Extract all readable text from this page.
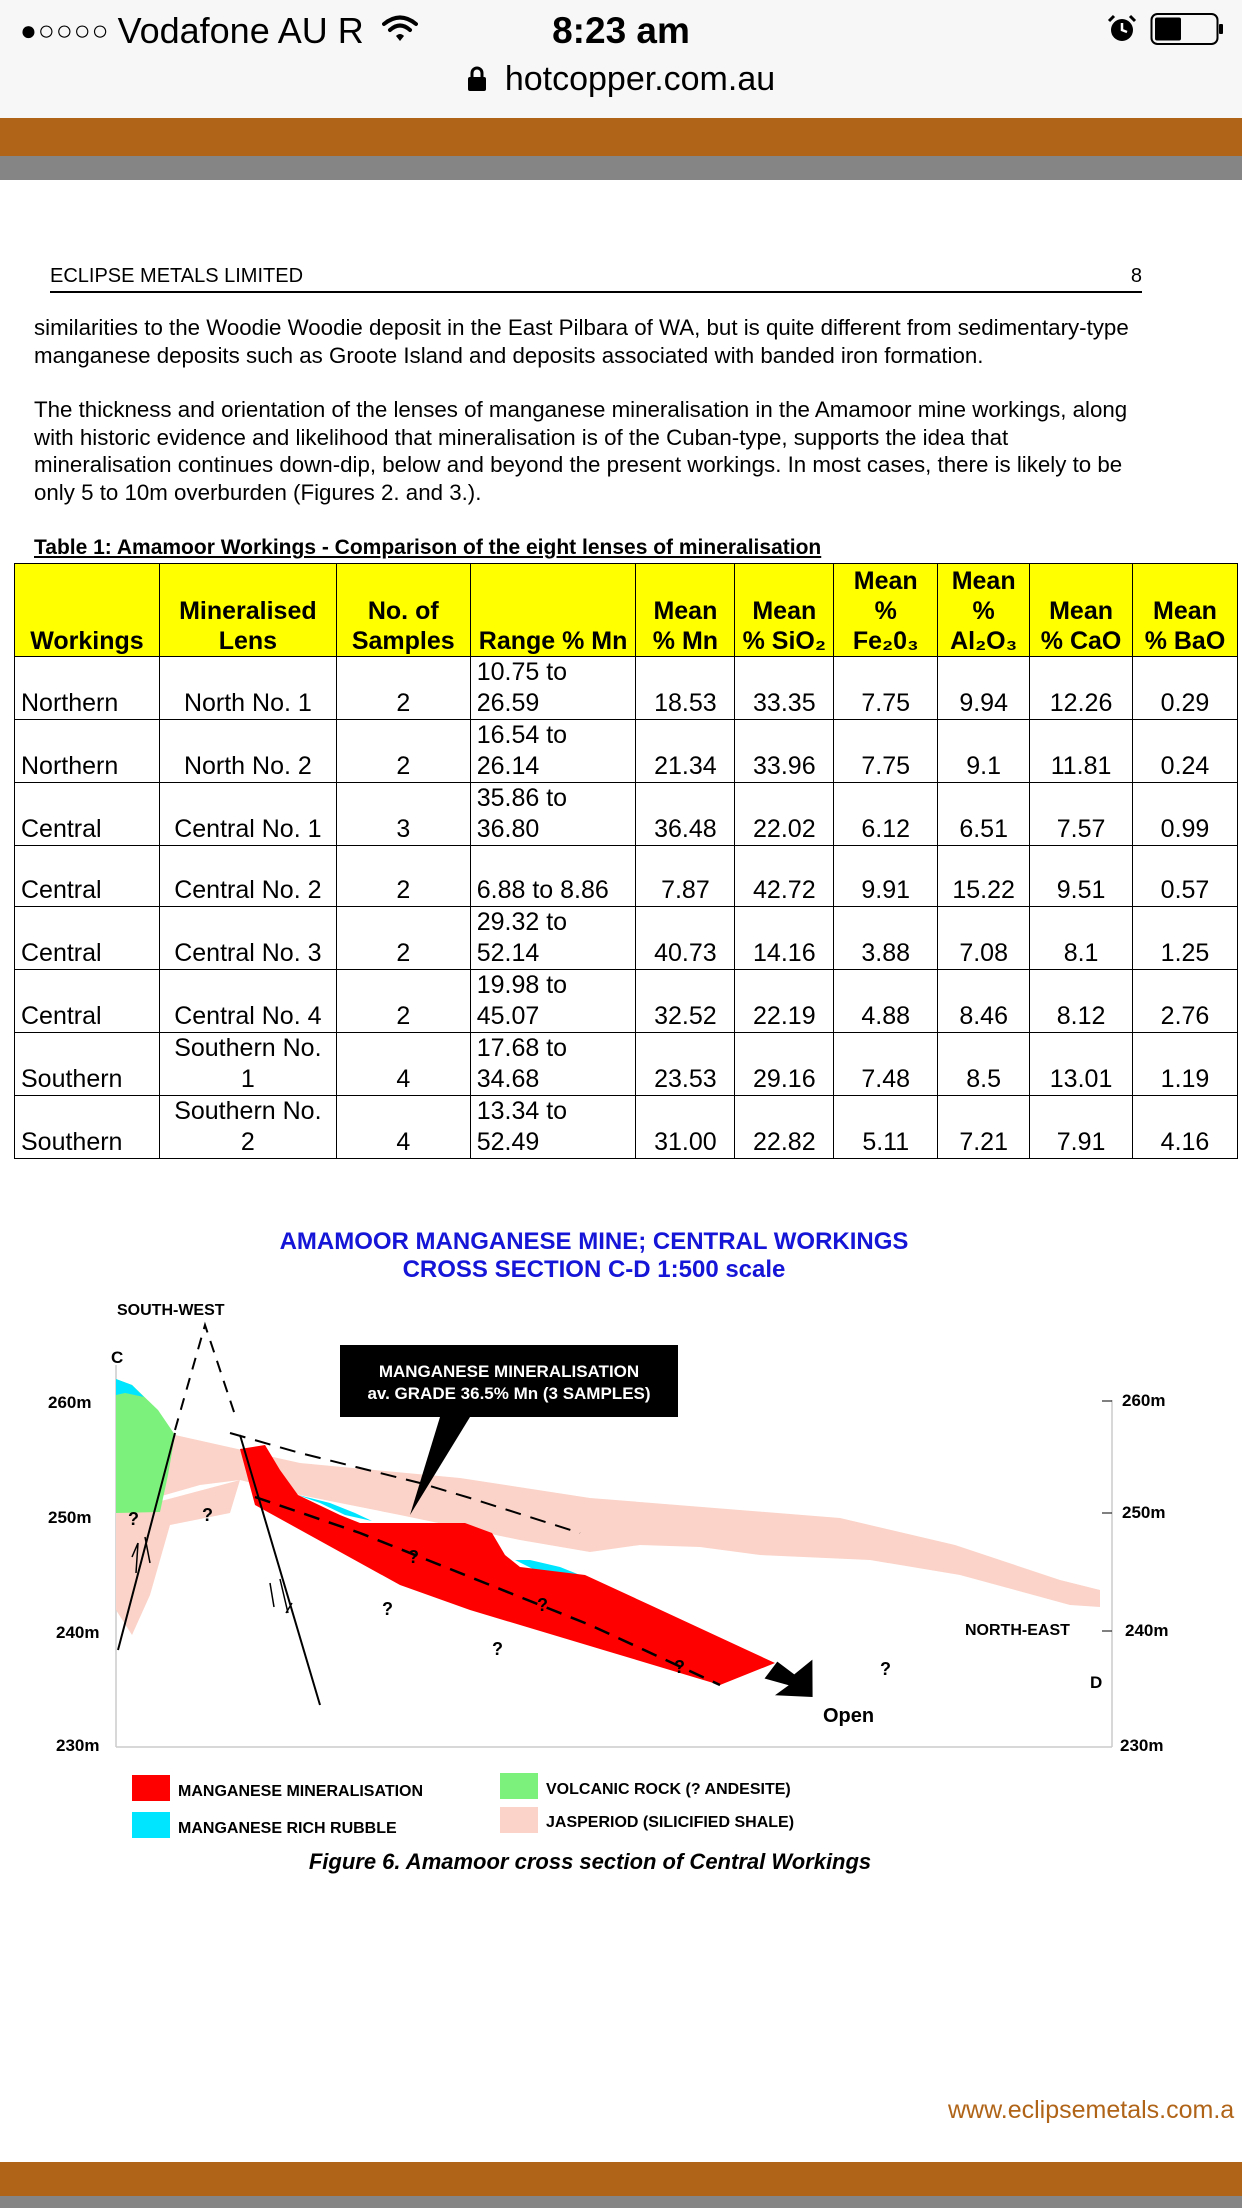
●○○○○ Vodafone AU R	8:23 am
hotcopper.com.au
ECLIPSE METALS LIMITED	8
similarities to the Woodie Woodie deposit in the East Pilbara of WA, but is quite different from sedimentary-type manganese deposits such as Groote Island and deposits associated with banded iron formation.
The thickness and orientation of the lenses of manganese mineralisation in the Amamoor mine workings, along with historic evidence and likelihood that mineralisation is of the Cuban-type, supports the idea that mineralisation continues down-dip, below and beyond the present workings. In most cases, there is likely to be only 5 to 10m overburden (Figures 2. and 3.).
Table 1: Amamoor Workings - Comparison of the eight lenses of mineralisation
Workings	Mineralised Lens	No. of Samples	Range % Mn	Mean % Mn	Mean % SiO₂	Mean % Fe₂0₃	Mean % Al₂O₃	Mean % CaO	Mean % BaO
Northern	North No. 1	2	10.75 to 26.59	18.53	33.35	7.75	9.94	12.26	0.29
Northern	North No. 2	2	16.54 to 26.14	21.34	33.96	7.75	9.1	11.81	0.24
Central	Central No. 1	3	35.86 to 36.80	36.48	22.02	6.12	6.51	7.57	0.99
Central	Central No. 2	2	6.88 to 8.86	7.87	42.72	9.91	15.22	9.51	0.57
Central	Central No. 3	2	29.32 to 52.14	40.73	14.16	3.88	7.08	8.1	1.25
Central	Central No. 4	2	19.98 to 45.07	32.52	22.19	4.88	8.46	8.12	2.76
Southern	Southern No. 1	4	17.68 to 34.68	23.53	29.16	7.48	8.5	13.01	1.19
Southern	Southern No. 2	4	13.34 to 52.49	31.00	22.82	5.11	7.21	7.91	4.16
AMAMOOR MANGANESE MINE; CENTRAL WORKINGS
CROSS SECTION C-D 1:500 scale
MANGANESE MINERALISATION
av. GRADE 36.5% Mn (3 SAMPLES)
Open
SOUTH-WEST
NORTH-EAST
C
D
?	?
?
?	?
?
?	?
260m
250m
240m
230m
260m
250m
240m
230m
MANGANESE MINERALISATION
MANGANESE RICH RUBBLE
VOLCANIC ROCK (? ANDESITE)
JASPERIOD (SILICIFIED SHALE)
Figure 6. Amamoor cross section of Central Workings
www.eclipsemetals.com.a
